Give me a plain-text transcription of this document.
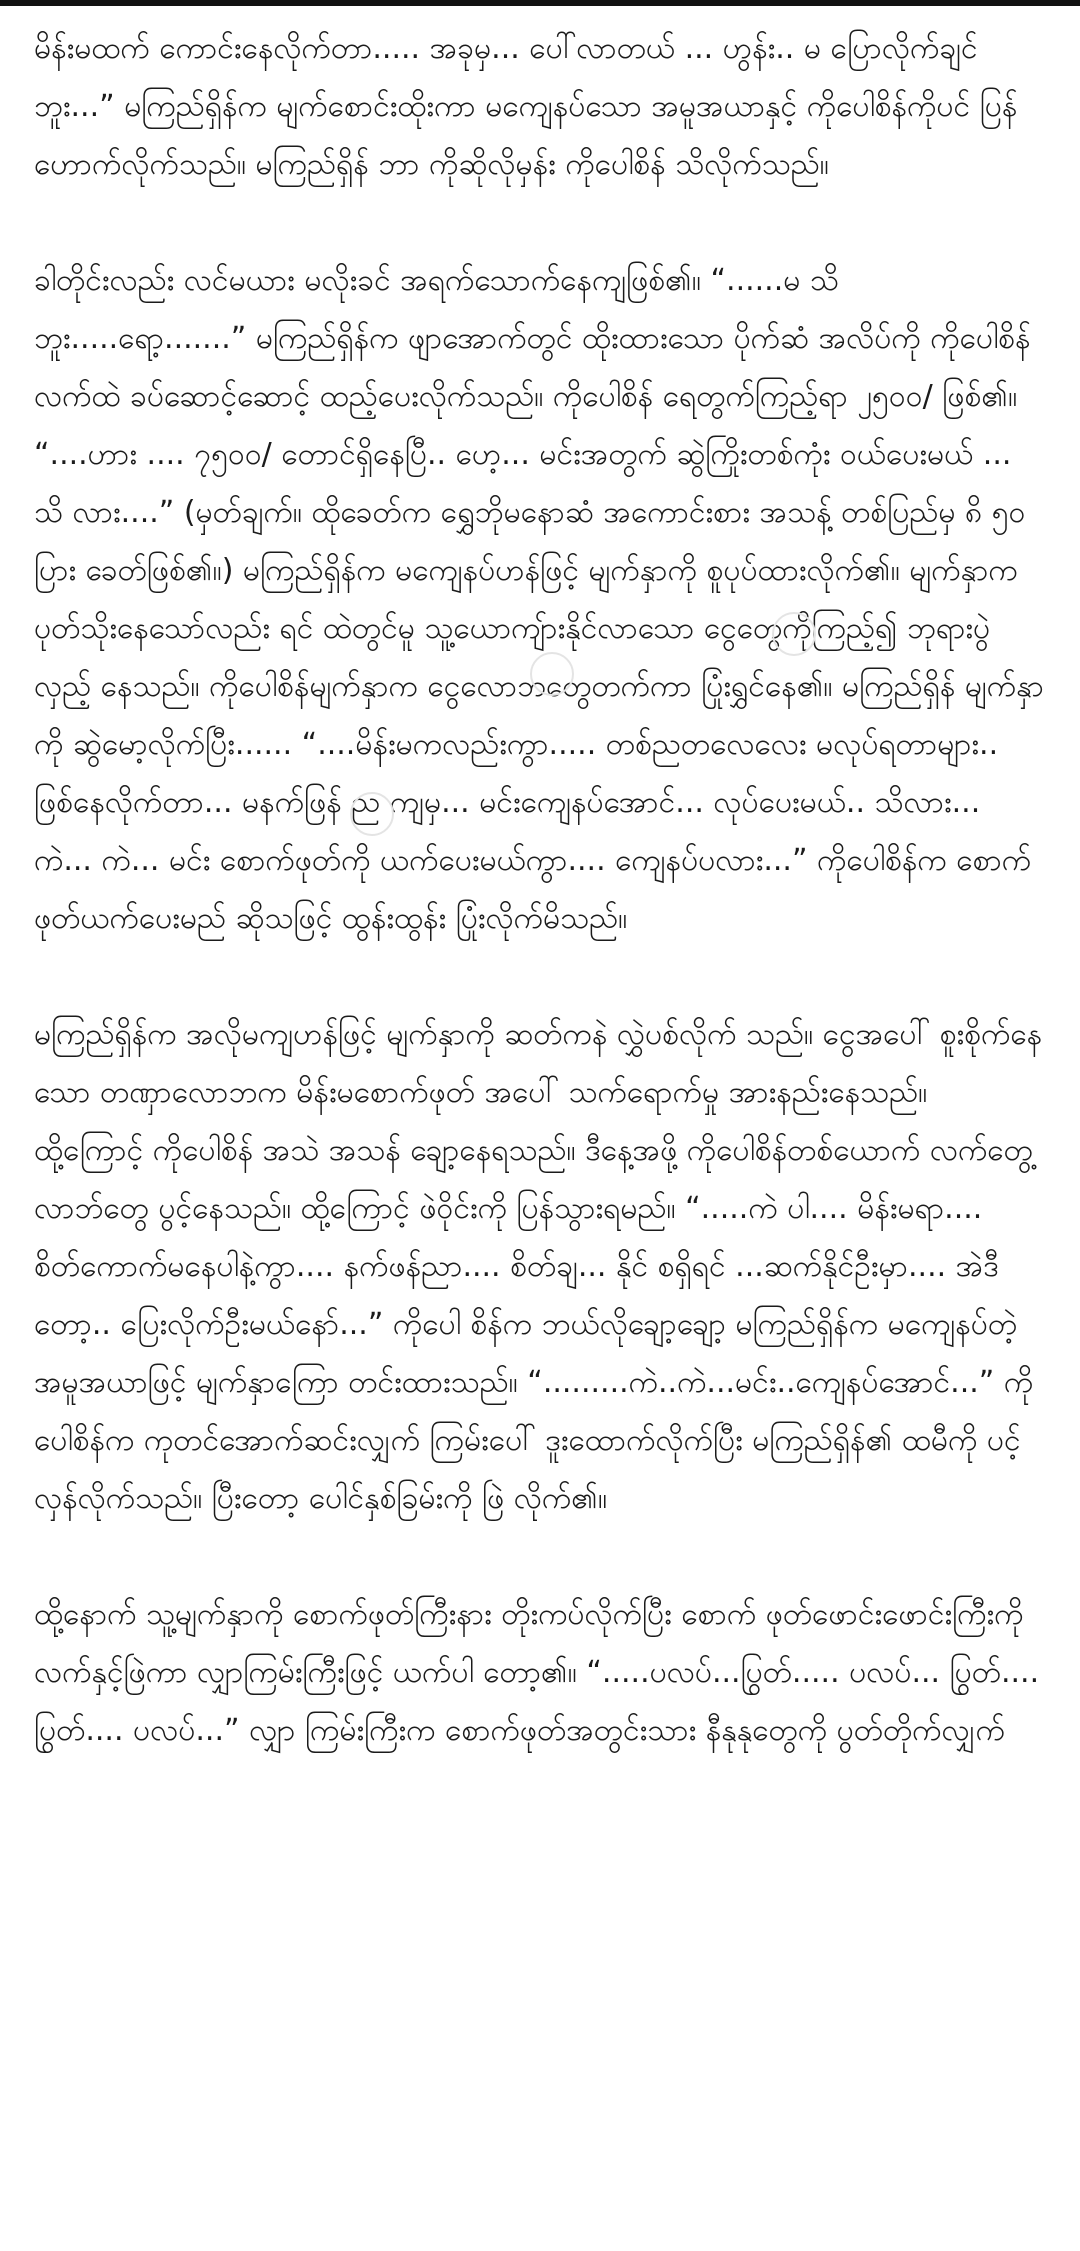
မိန်းမထက် ကောင်းနေလိုက်တာ..... အခုမှ... ပေါ်လာတယ် ... ဟွန်း.. မ ပြောလိုက်ချင်ဘူး...” မကြည်ရှိန်က မျက်စောင်းထိုးကာ မကျေနပ်သော အမူအယာနှင့် ကိုပေါစိန်ကိုပင် ပြန်ဟောက်လိုက်သည်။ မကြည်ရှိန် ဘာ ကိုဆိုလိုမှန်း ကိုပေါစိန် သိလိုက်သည်။

ခါတိုင်းလည်း လင်မယား မလိုးခင် အရက်သောက်နေကျဖြစ်၏။ “......မ သိဘူး.....ရော့.......” မကြည်ရှိန်က ဖျာအောက်တွင် ထိုးထားသော ပိုက်ဆံ အလိပ်ကို ကိုပေါစိန်လက်ထဲ ခပ်ဆောင့်ဆောင့် ထည့်ပေးလိုက်သည်။ ကိုပေါစိန် ရေတွက်ကြည့်ရာ ၂၅၀ဝ/ ဖြစ်၏။ “....ဟား .... ၇၅၀ဝ/ တောင်ရှိနေပြီ.. ဟေ့... မင်းအတွက် ဆွဲကြိုးတစ်ကုံး ဝယ်ပေးမယ် ... သိ လား....” (မှတ်ချက်။ ထိုခေတ်က ရွှေဘိုမနောဆံ အကောင်းစား အသန့် တစ်ပြည်မှ ၈ိ ၅၀ ပြား ခေတ်ဖြစ်၏။) မကြည်ရှိန်က မကျေနပ်ဟန်ဖြင့် မျက်နှာကို စူပုပ်ထားလိုက်၏။ မျက်နှာက ပုတ်သိုးနေသော်လည်း ရင် ထဲတွင်မူ သူ့ယောကျ်ားနိုင်လာသော ငွေတွေကိုကြည့်၍ ဘုရားပွဲလှည့် နေသည်။ ကိုပေါစိန်မျက်နှာက ငွေလောဘတွေတက်ကာ ပြုံးရွှင်နေ၏။ မကြည်ရှိန် မျက်နှာကို ဆွဲမော့လိုက်ပြီး...... “....မိန်းမကလည်းကွာ..... တစ်ညတလေလေး မလုပ်ရတာများ.. ဖြစ်နေလိုက်တာ... မနက်ဖြန် ည ကျမှ... မင်းကျေနပ်အောင်... လုပ်ပေးမယ်.. သိလား... ကဲ... ကဲ... မင်း စောက်ဖုတ်ကို ယက်ပေးမယ်ကွာ.... ကျေနပ်ပလား...” ကိုပေါစိန်က စောက်ဖုတ်ယက်ပေးမည် ဆိုသဖြင့် ထွန်းထွန်း ပြုံးလိုက်မိသည်။

မကြည်ရှိန်က အလိုမကျဟန်ဖြင့် မျက်နှာကို ဆတ်ကနဲ လွှဲပစ်လိုက် သည်။ ငွေအပေါ် စူးစိုက်နေသော တဏှာလောဘက မိန်းမစောက်ဖုတ် အပေါ် သက်ရောက်မှု အားနည်းနေသည်။ ထို့ကြောင့် ကိုပေါစိန် အသဲ အသန် ချော့နေရသည်။ ဒီနေ့အဖို့ ကိုပေါစိန်တစ်ယောက် လက်တွေ့ လာဘ်တွေ ပွင့်နေသည်။ ထို့ကြောင့် ဖဲဝိုင်းကို ပြန်သွားရမည်။ “.....ကဲ ပါ.... မိန်းမရာ.... စိတ်ကောက်မနေပါနဲ့ကွာ.... နက်ဖန်ညာ.... စိတ်ချ... နိုင် စရှိရင် ...ဆက်နိုင်ဦးမှာ.... အဲဒီတော့.. ပြေးလိုက်ဦးမယ်နော်...” ကိုပေါ စိန်က ဘယ်လိုချော့ချော့ မကြည်ရှိန်က မကျေနပ်တဲ့ အမူအယာဖြင့် မျက်နှာကြော တင်းထားသည်။ “.........ကဲ..ကဲ...မင်း..ကျေနပ်အောင်...” ကိုပေါစိန်က ကုတင်အောက်ဆင်းလျှက် ကြမ်းပေါ် ဒူးထောက်လိုက်ပြီး မကြည်ရှိန်၏ ထမီကို ပင့်လှန်လိုက်သည်။ ပြီးတော့ ပေါင်နှစ်ခြမ်းကို ဖြဲ လိုက်၏။

ထို့နောက် သူ့မျက်နှာကို စောက်ဖုတ်ကြီးနား တိုးကပ်လိုက်ပြီး စောက် ဖုတ်ဖောင်းဖောင်းကြီးကို လက်နှင့်ဖြဲကာ လျှာကြမ်းကြီးဖြင့် ယက်ပါ တော့၏။ “.....ပလပ်...ပြွတ်..... ပလပ်... ပြွတ်.... ပြွတ်.... ပလပ်...” လျှာ ကြမ်းကြီးက စောက်ဖုတ်အတွင်းသား နီနုနုတွေကို ပွတ်တိုက်လျှက်
